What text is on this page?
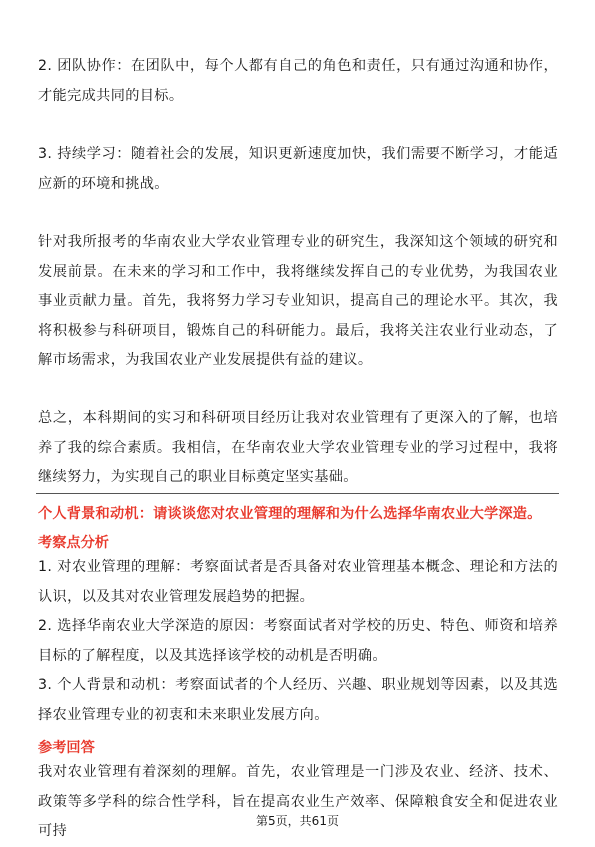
2. 团队协作：在团队中，每个人都有自己的角色和责任，只有通过沟通和协作，才能完成共同的目标。

3. 持续学习：随着社会的发展，知识更新速度加快，我们需要不断学习，才能适应新的环境和挑战。

针对我所报考的华南农业大学农业管理专业的研究生，我深知这个领域的研究和发展前景。在未来的学习和工作中，我将继续发挥自己的专业优势，为我国农业事业贡献力量。首先，我将努力学习专业知识，提高自己的理论水平。其次，我将积极参与科研项目，锻炼自己的科研能力。最后，我将关注农业行业动态，了解市场需求，为我国农业产业发展提供有益的建议。

总之，本科期间的实习和科研项目经历让我对农业管理有了更深入的了解，也培养了我的综合素质。我相信，在华南农业大学农业管理专业的学习过程中，我将继续努力，为实现自己的职业目标奠定坚实基础。

个人背景和动机：请谈谈您对农业管理的理解和为什么选择华南农业大学深造。
考察点分析

1. 对农业管理的理解：考察面试者是否具备对农业管理基本概念、理论和方法的认识，以及其对农业管理发展趋势的把握。

2. 选择华南农业大学深造的原因：考察面试者对学校的历史、特色、师资和培养目标的了解程度，以及其选择该学校的动机是否明确。

3. 个人背景和动机：考察面试者的个人经历、兴趣、职业规划等因素，以及其选择农业管理专业的初衷和未来职业发展方向。

参考回答

我对农业管理有着深刻的理解。首先，农业管理是一门涉及农业、经济、技术、政策等多学科的综合性学科，旨在提高农业生产效率、保障粮食安全和促进农业可持

第5页，共61页
